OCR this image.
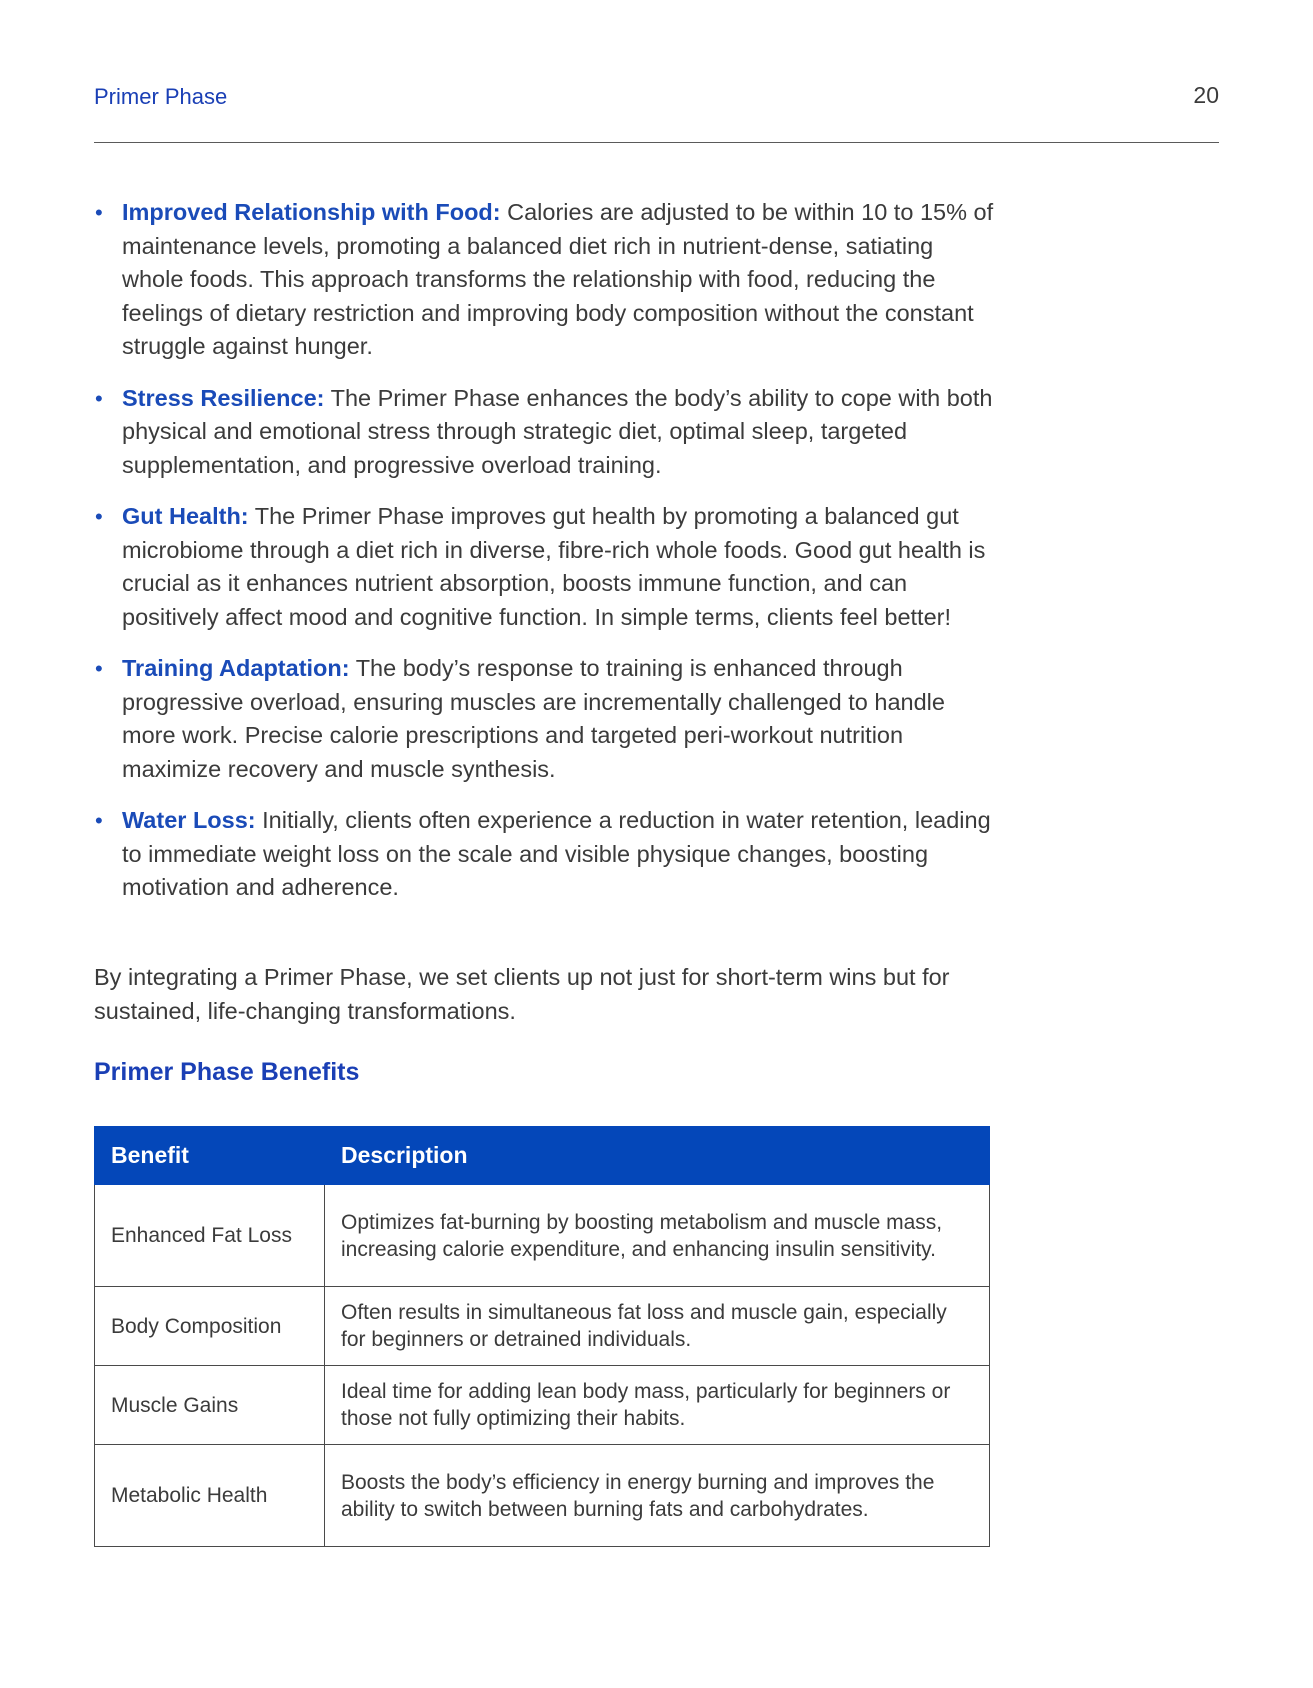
Primer Phase	20
• Improved Relationship with Food: Calories are adjusted to be within 10 to 15% of maintenance levels, promoting a balanced diet rich in nutrient-dense, satiating whole foods. This approach transforms the relationship with food, reducing the feelings of dietary restriction and improving body composition without the constant struggle against hunger.
• Stress Resilience: The Primer Phase enhances the body’s ability to cope with both physical and emotional stress through strategic diet, optimal sleep, targeted supplementation, and progressive overload training.
• Gut Health: The Primer Phase improves gut health by promoting a balanced gut microbiome through a diet rich in diverse, fibre-rich whole foods. Good gut health is crucial as it enhances nutrient absorption, boosts immune function, and can positively affect mood and cognitive function. In simple terms, clients feel better!
• Training Adaptation: The body’s response to training is enhanced through progressive overload, ensuring muscles are incrementally challenged to handle more work. Precise calorie prescriptions and targeted peri-workout nutrition maximize recovery and muscle synthesis.
• Water Loss: Initially, clients often experience a reduction in water retention, leading to immediate weight loss on the scale and visible physique changes, boosting motivation and adherence.

By integrating a Primer Phase, we set clients up not just for short-term wins but for sustained, life-changing transformations.

Primer Phase Benefits
Benefit	Description
Enhanced Fat Loss	Optimizes fat-burning by boosting metabolism and muscle mass, increasing calorie expenditure, and enhancing insulin sensitivity.
Body Composition	Often results in simultaneous fat loss and muscle gain, especially for beginners or detrained individuals.
Muscle Gains	Ideal time for adding lean body mass, particularly for beginners or those not fully optimizing their habits.
Metabolic Health	Boosts the body’s efficiency in energy burning and improves the ability to switch between burning fats and carbohydrates.
